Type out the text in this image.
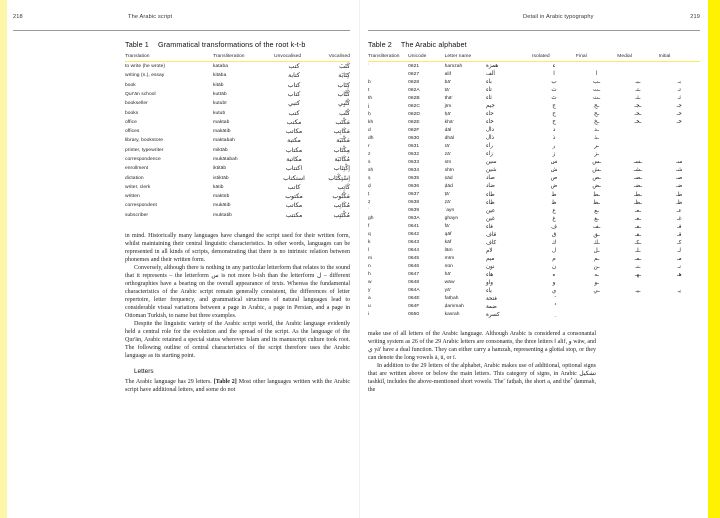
218	The Arabic script
Table 1 Grammatical transformations of the root k-t-b
Translation	Transliteration	Unvocalised	Vocalised
to write (he wrote)	kataba	كتب	كَتَبَ
writing (n.), essay	kitāba	كتابة	كِتَابَة
book	kitāb	كتاب	كِتَاب
Qur'ān school	kuttāb	كتاب	كُتَّاب
bookseller	kutubī	كتبي	كُتُبِي
books	kutub	كتب	كُتُب
office	maktab	مكتب	مَكْتَب
offices	makātib	مكاتب	مَكَاتِب
library, bookstore	maktabah	مكتبة	مَكْتَبَة
printer, typewriter	miktāb	مكتاب	مِكْتَاب
correspondence	mukātabah	مكاتبة	مُكَاتَبَة
enrollment	iktitāb	اكتتاب	اِكْتِتَاب
dictation	istiktāb	استكتاب	اِسْتِكْتَاب
writer, clerk	kātib	كاتب	كَاتِب
written	maktūb	مكتوب	مَكْتُوب
correspondent	mukātib	مكاتب	مُكَاتِب
subscriber	muktatib	مكتتب	مُكْتَتِب

in mind. Historically many languages have changed the script used for their written form, whilst maintaining their central linguistic characteristics. In other words, languages can be represented in all kinds of scripts, demonstrating that there is no intrinsic relation between phonemes and their written form.

Conversely, although there is nothing in any particular letterform that relates to the sound that it represents – the letterform س is not more b-ish than the letterform ل – different orthographies have a bearing on the overall appearance of texts. Whereas the fundamental characteristics of the Arabic script remain generally consistent, the differences of letter repertoire, letter frequency, and grammatical structures of natural languages lead to considerable visual variations between a page in Arabic, a page in Persian, and a page in Ottoman Turkish, to name but three examples.

Despite the linguistic variety of the Arabic script world, the Arabic language evidently held a central role for the evolution and the spread of the script. As the language of the Qur'ān, Arabic retained a special status wherever Islam and its manuscript culture took root. The following outline of central characteristics of the script therefore uses the Arabic language as its starting point.

Letters

The Arabic language has 29 letters. [Table 2] Most other languages written with the Arabic script have additional letters, and some do not

Detail in Arabic typography	219
Table 2 The Arabic alphabet
Transliteration	Unicode	Letter name		Isolated	Final	Medial	Initial
ʾ	0621	hamzah	همزة	ء			
	0627	alif	ألف	ا	ا		
b	0628	bā'	باء	ب	ـب	ـبـ	بـ
t	062A	tā'	تاء	ت	ـت	ـتـ	تـ
th	062B	thā'	ثاء	ث	ـث	ـثـ	ثـ
j	062C	jīm	جيم	ج	ـج	ـجـ	جـ
ḥ	062D	ḥā'	حاء	ح	ـح	ـحـ	حـ
kh	062E	khā'	خاء	خ	ـخ	ـخـ	خـ
d	062F	dāl	دال	د	ـد		
dh	0630	dhāl	ذال	ذ	ـذ		
r	0631	rā'	راء	ر	ـر		
z	0632	zā'	زاء	ز	ـز		
s	0633	sīn	سين	س	ـس	ـسـ	سـ
sh	0634	shīn	شين	ش	ـش	ـشـ	شـ
ṣ	0635	ṣād	صاد	ص	ـص	ـصـ	صـ
ḍ	0636	ḍād	ضاد	ض	ـض	ـضـ	ضـ
ṭ	0637	ṭā'	طاء	ط	ـط	ـطـ	طـ
ẓ	0638	ẓā'	ظاء	ظ	ـظ	ـظـ	ظـ
ʿ	0639	ʿayn	عين	ع	ـع	ـعـ	عـ
gh	063A	ghayn	غين	غ	ـغ	ـغـ	غـ
f	0641	fā'	فاء	ف	ـف	ـفـ	فـ
q	0642	qāf	قاف	ق	ـق	ـقـ	قـ
k	0643	kāf	كاف	ك	ـك	ـكـ	كـ
l	0644	lām	لام	ل	ـل	ـلـ	لـ
m	0645	mīm	ميم	م	ـم	ـمـ	مـ
n	0646	nūn	نون	ن	ـن	ـنـ	نـ
h	0647	hā'	هاء	ه	ـه	ـهـ	هـ
w	0648	wāw	واو	و	ـو		
y	064A	yā'	ياء	ي	ـي	ـيـ	يـ
a	064E	fatḥah	فتحة	َ			
u	064F	ḍammah	ضمة	ُ			
i	0650	kasrah	كسرة	ِ			

make use of all letters of the Arabic language. Although Arabic is considered a consonantal writing system as 26 of the 29 Arabic letters are consonants, the three letters ا alif, و wāw, and ي yā' have a dual function. They can either carry a hamzah, representing a glottal stop, or they can denote the long vowels ā, ū, or ī.

In addition to the 29 letters of the alphabet, Arabic makes use of additional, optional signs that are written above or below the main letters. This category of signs, in Arabic تشكيل tashkīl, includes the above-mentioned short vowels. The َ fatḥah, the short a, and the ُ ḍammah, the
